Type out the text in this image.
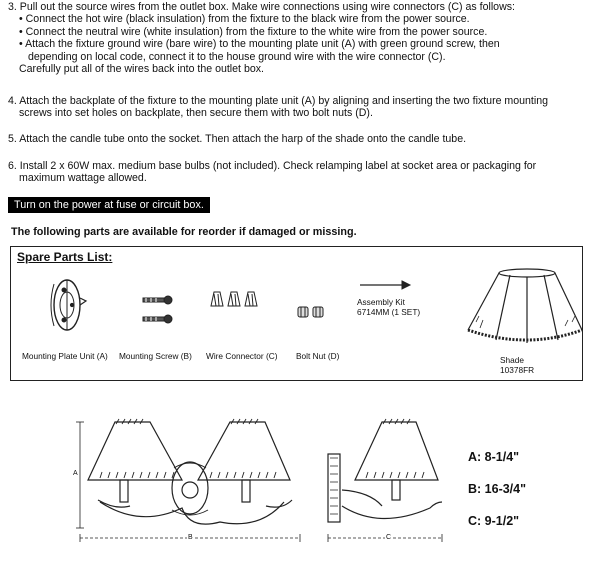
3. Pull out the source wires from the outlet box. Make wire connections using wire connectors (C) as follows:
• Connect the hot wire (black insulation) from the fixture to the black wire from the power source.
• Connect the neutral wire (white insulation) from the fixture to the white wire from the power source.
• Attach the fixture ground wire (bare wire) to the mounting plate unit (A) with green ground screw, then
depending on local code, connect it to the house ground wire with the wire connector (C).
Carefully put all of the wires back into the outlet box.
4. Attach the backplate of the fixture to the mounting plate unit (A) by aligning and inserting the two fixture mounting
screws into set holes on backplate, then secure them with two bolt nuts (D).
5. Attach the candle tube onto the socket. Then attach the harp of the shade onto the candle tube.
6. Install 2 x 60W max. medium base bulbs (not included). Check relamping label at socket area or packaging for
maximum wattage allowed.
Turn on the power at fuse or circuit box.
The following parts are available for reorder if damaged or missing.
Spare Parts List:
Mounting Plate Unit (A) Mounting Screw (B) Wire Connector (C) Bolt Nut (D)
Assembly Kit
6714MM (1 SET)
Shade
10378FR
A
B	C
A: 8-1/4"
B: 16-3/4"
C: 9-1/2"
